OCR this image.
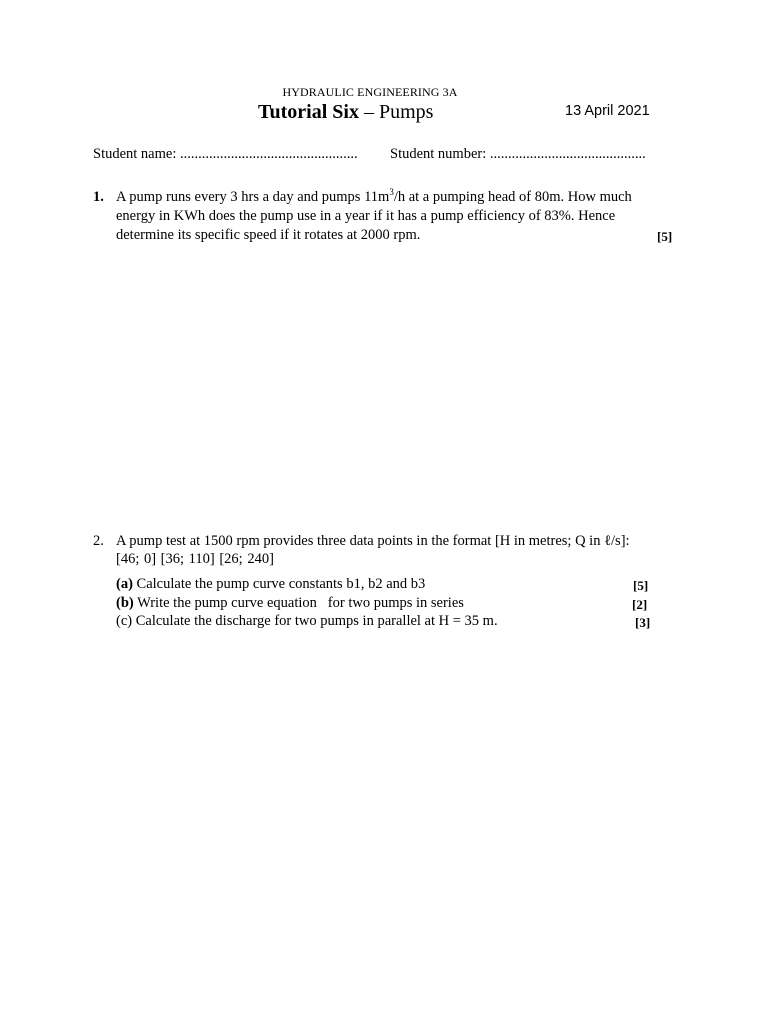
HYDRAULIC ENGINEERING 3A
Tutorial Six – Pumps	13 April 2021
Student name: ................................................. Student number: ...........................................
1. A pump runs every 3 hrs a day and pumps $11m^3/h$ at a pumping head of 80m. How much
energy in KWh does the pump use in a year if it has a pump efficiency of 83%. Hence
determine its specific speed if it rotates at 2000 rpm.	[5]
2. A pump test at 1500 rpm provides three data points in the format [H in metres; Q in ℓ/s]:
[46; 0] [36; 110] [26; 240]
(a) Calculate the pump curve constants b1, b2 and b3	[5]
(b) Write the pump curve equation   for two pumps in series	[2]
(c) Calculate the discharge for two pumps in parallel at H = 35 m.	[3]
